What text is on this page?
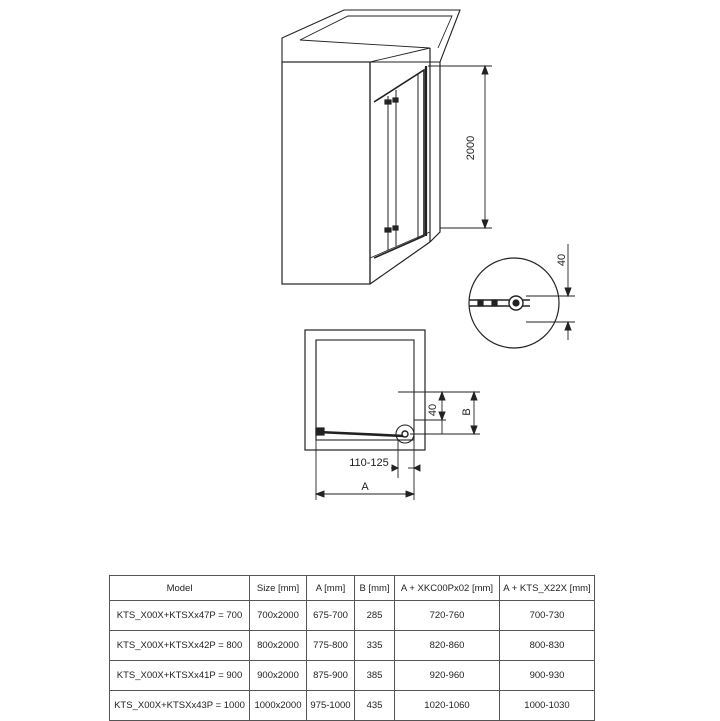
2000
40
40 B
110-125
A
Model	Size [mm]	A [mm]	B [mm]	A + XKC00Px02 [mm]	A + KTS_X22X [mm]
KTS_X00X+KTSXx47P = 700	700x2000	675-700	285	720-760	700-730
KTS_X00X+KTSXx42P = 800	800x2000	775-800	335	820-860	800-830
KTS_X00X+KTSXx41P = 900	900x2000	875-900	385	920-960	900-930
KTS_X00X+KTSXx43P = 1000	1000x2000	975-1000	435	1020-1060	1000-1030
